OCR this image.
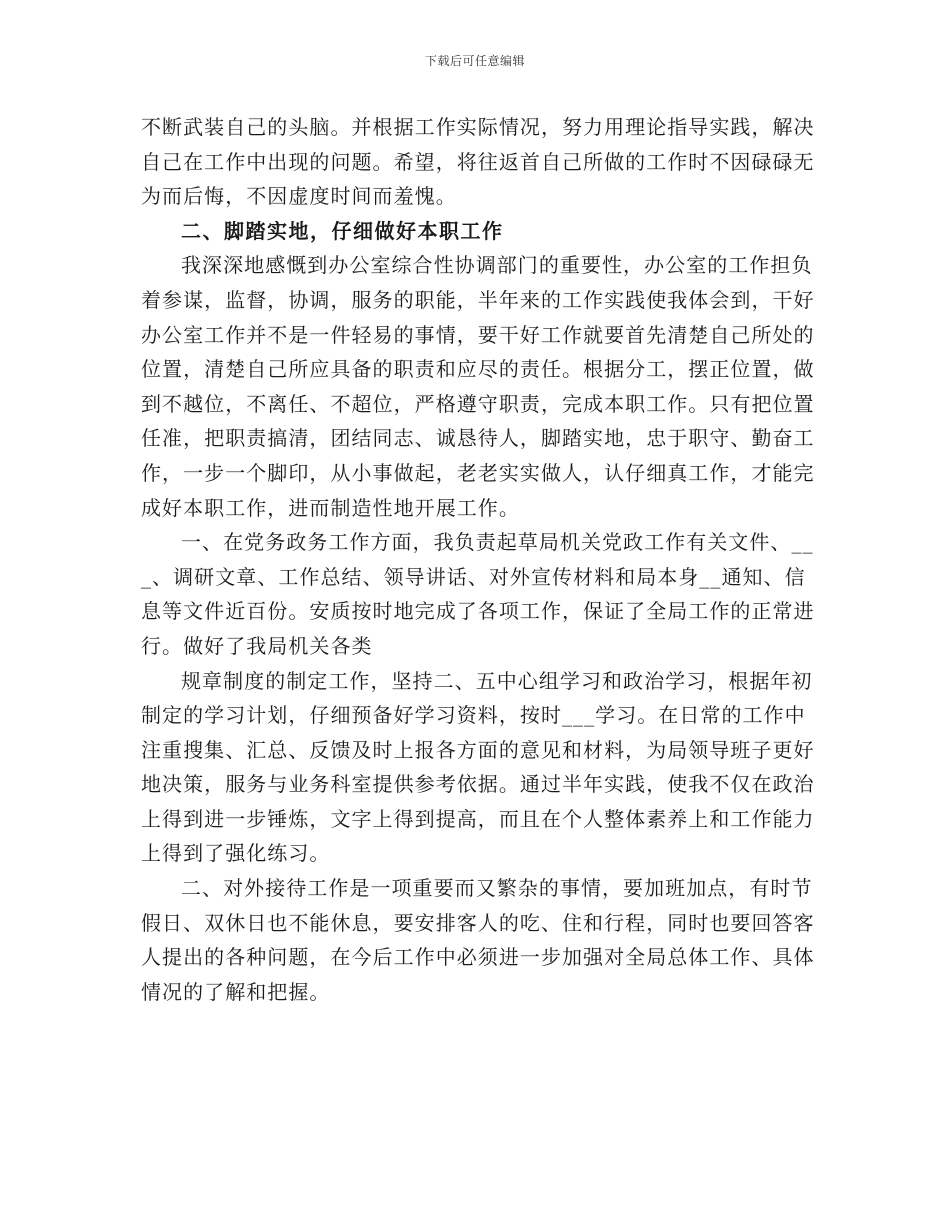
下载后可任意编辑

不断武装自己的头脑。并根据工作实际情况，努力用理论指导实践，解决自己在工作中出现的问题。希望，将往返首自己所做的工作时不因碌碌无为而后悔，不因虚度时间而羞愧。

二、脚踏实地，仔细做好本职工作

我深深地感慨到办公室综合性协调部门的重要性，办公室的工作担负着参谋，监督，协调，服务的职能，半年来的工作实践使我体会到，干好办公室工作并不是一件轻易的事情，要干好工作就要首先清楚自己所处的位置，清楚自己所应具备的职责和应尽的责任。根据分工，摆正位置，做到不越位，不离任、不超位，严格遵守职责，完成本职工作。只有把位置任准，把职责搞清，团结同志、诚恳待人，脚踏实地，忠于职守、勤奋工作，一步一个脚印，从小事做起，老老实实做人，认仔细真工作，才能完成好本职工作，进而制造性地开展工作。

一、在党务政务工作方面，我负责起草局机关党政工作有关文件、___、调研文章、工作总结、领导讲话、对外宣传材料和局本身__通知、信息等文件近百份。安质按时地完成了各项工作，保证了全局工作的正常进行。做好了我局机关各类

规章制度的制定工作，坚持二、五中心组学习和政治学习，根据年初制定的学习计划，仔细预备好学习资料，按时___学习。在日常的工作中注重搜集、汇总、反馈及时上报各方面的意见和材料，为局领导班子更好地决策，服务与业务科室提供参考依据。通过半年实践，使我不仅在政治上得到进一步锤炼，文字上得到提高，而且在个人整体素养上和工作能力上得到了强化练习。

二、对外接待工作是一项重要而又繁杂的事情，要加班加点，有时节假日、双休日也不能休息，要安排客人的吃、住和行程，同时也要回答客人提出的各种问题，在今后工作中必须进一步加强对全局总体工作、具体情况的了解和把握。
